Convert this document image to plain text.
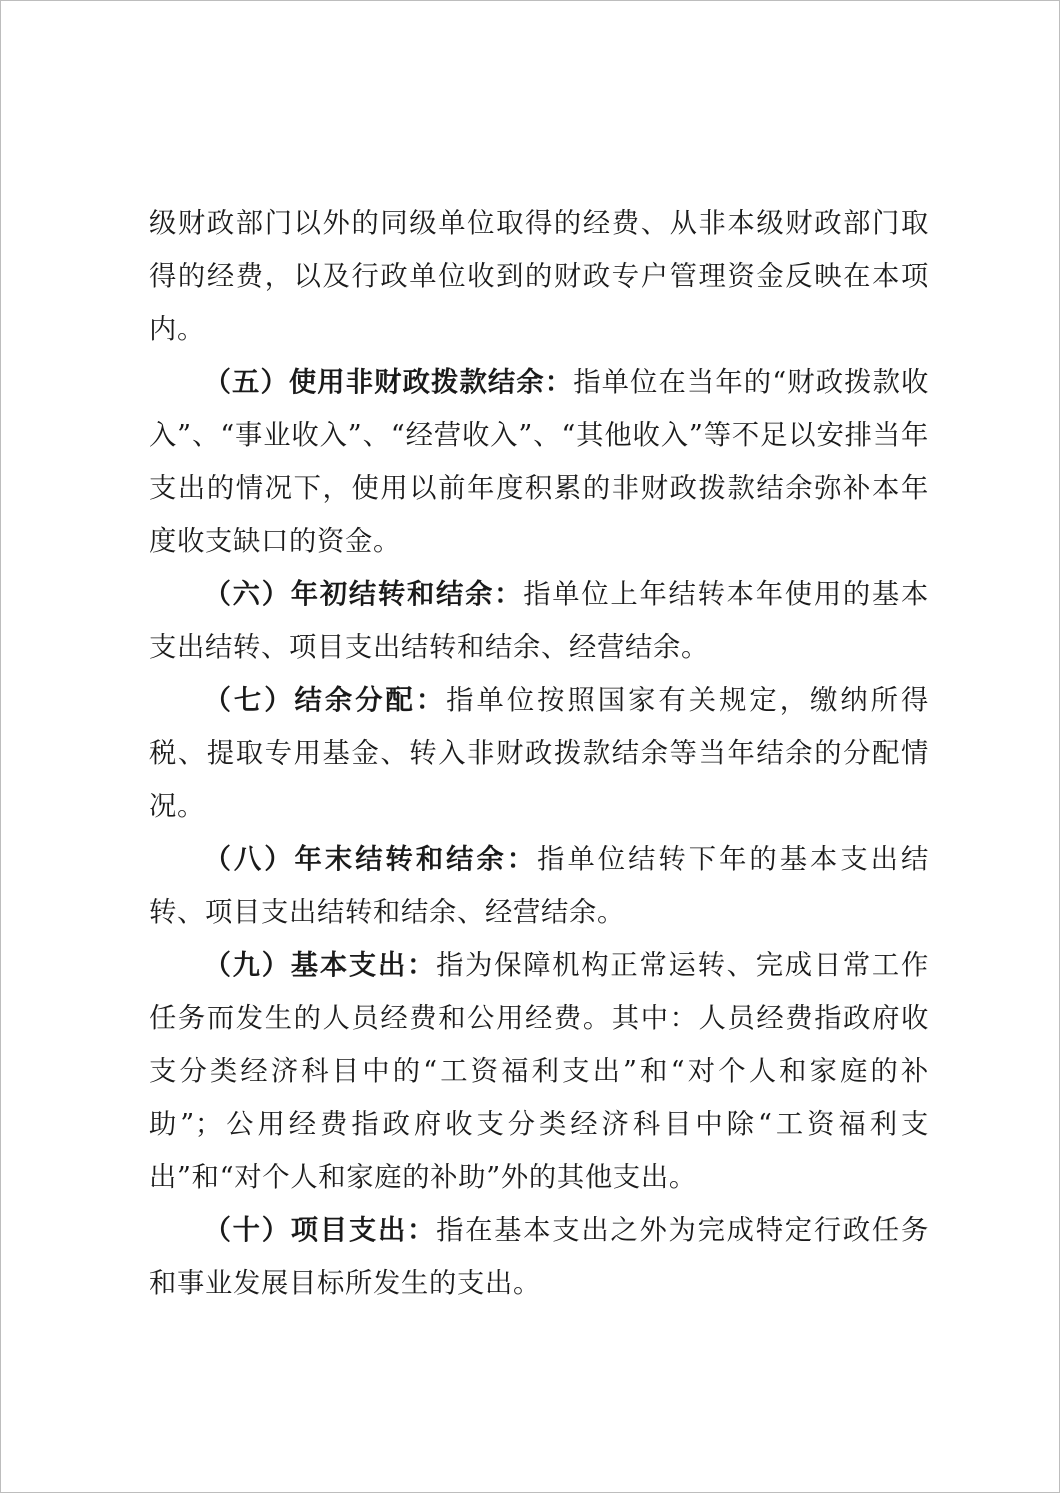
级财政部门以外的同级单位取得的经费、从非本级财政部门取得的经费，以及行政单位收到的财政专户管理资金反映在本项内。

（五）使用非财政拨款结余：指单位在当年的“财政拨款收入”、“事业收入”、“经营收入”、“其他收入”等不足以安排当年支出的情况下，使用以前年度积累的非财政拨款结余弥补本年度收支缺口的资金。

（六）年初结转和结余：指单位上年结转本年使用的基本支出结转、项目支出结转和结余、经营结余。

（七）结余分配：指单位按照国家有关规定，缴纳所得税、提取专用基金、转入非财政拨款结余等当年结余的分配情况。

（八）年末结转和结余：指单位结转下年的基本支出结转、项目支出结转和结余、经营结余。

（九）基本支出：指为保障机构正常运转、完成日常工作任务而发生的人员经费和公用经费。其中：人员经费指政府收支分类经济科目中的“工资福利支出”和“对个人和家庭的补助”；公用经费指政府收支分类经济科目中除“工资福利支出”和“对个人和家庭的补助”外的其他支出。

（十）项目支出：指在基本支出之外为完成特定行政任务和事业发展目标所发生的支出。
